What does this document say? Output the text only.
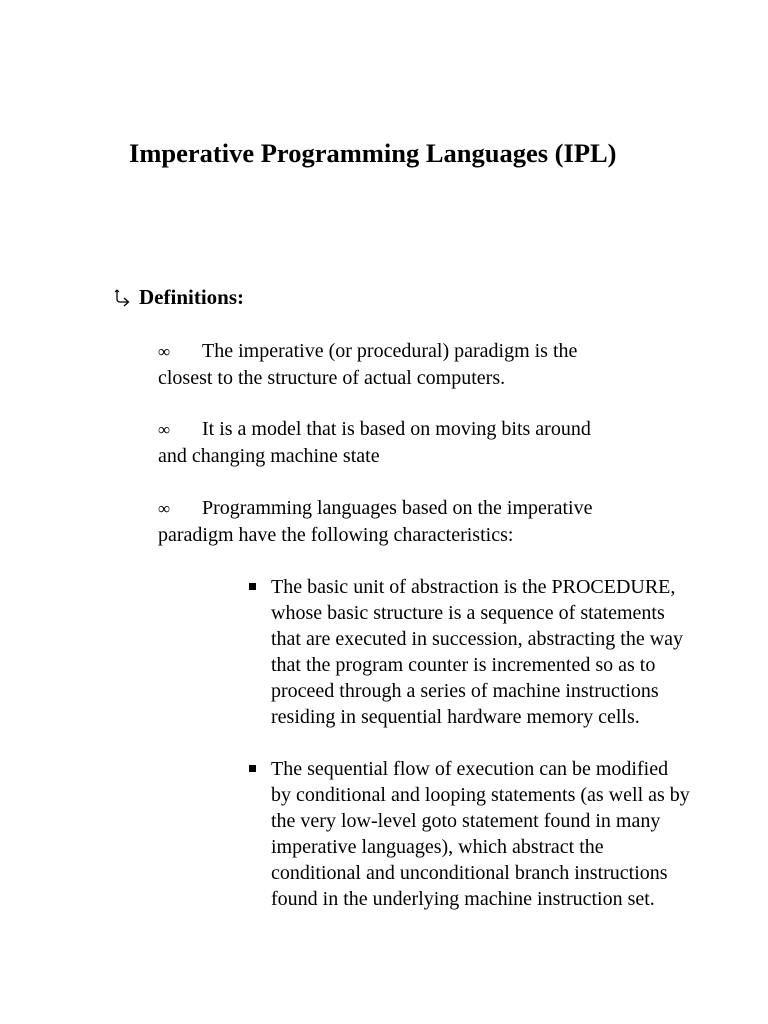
Imperative Programming Languages (IPL)
Definitions:
∞ The imperative (or procedural) paradigm is the
closest to the structure of actual computers.
∞ It is a model that is based on moving bits around
and changing machine state
∞ Programming languages based on the imperative
paradigm have the following characteristics:
The basic unit of abstraction is the PROCEDURE,
whose basic structure is a sequence of statements
that are executed in succession, abstracting the way
that the program counter is incremented so as to
proceed through a series of machine instructions
residing in sequential hardware memory cells.
The sequential flow of execution can be modified
by conditional and looping statements (as well as by
the very low-level goto statement found in many
imperative languages), which abstract the
conditional and unconditional branch instructions
found in the underlying machine instruction set.
